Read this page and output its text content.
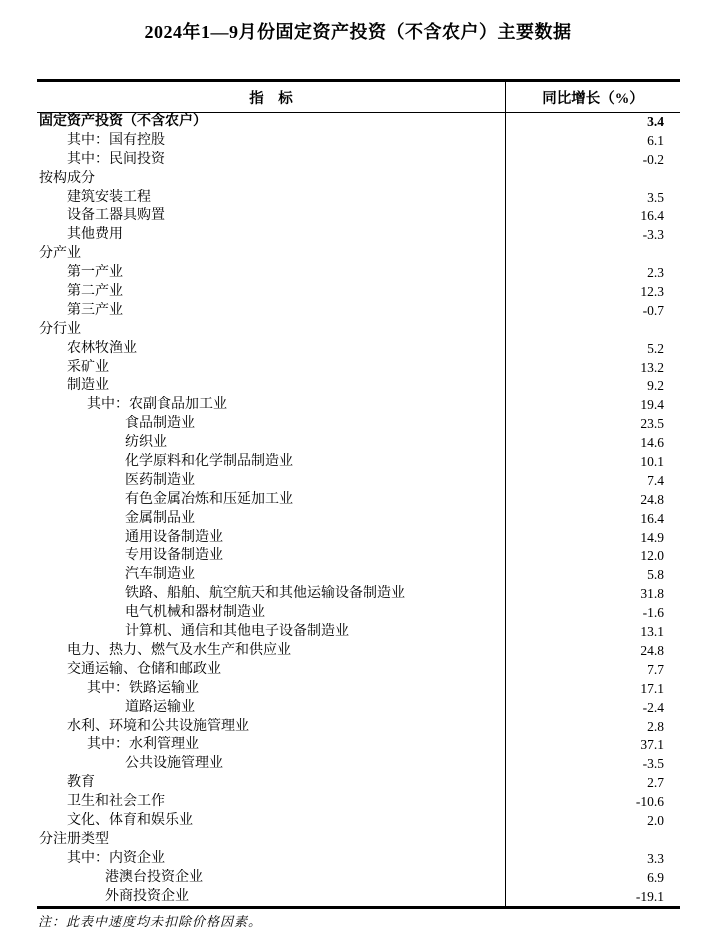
2024年1—9月份固定资产投资（不含农户）主要数据
指　标	同比增长（%）
固定资产投资（不含农户）	3.4
其中：国有控股	6.1
其中：民间投资	-0.2
按构成分
建筑安装工程	3.5
设备工器具购置	16.4
其他费用	-3.3
分产业
第一产业	2.3
第二产业	12.3
第三产业	-0.7
分行业
农林牧渔业	5.2
采矿业	13.2
制造业	9.2
其中：农副食品加工业	19.4
食品制造业	23.5
纺织业	14.6
化学原料和化学制品制造业	10.1
医药制造业	7.4
有色金属冶炼和压延加工业	24.8
金属制品业	16.4
通用设备制造业	14.9
专用设备制造业	12.0
汽车制造业	5.8
铁路、船舶、航空航天和其他运输设备制造业	31.8
电气机械和器材制造业	-1.6
计算机、通信和其他电子设备制造业	13.1
电力、热力、燃气及水生产和供应业	24.8
交通运输、仓储和邮政业	7.7
其中：铁路运输业	17.1
道路运输业	-2.4
水利、环境和公共设施管理业	2.8
其中：水利管理业	37.1
公共设施管理业	-3.5
教育	2.7
卫生和社会工作	-10.6
文化、体育和娱乐业	2.0
分注册类型
其中：内资企业	3.3
港澳台投资企业	6.9
外商投资企业	-19.1
注：此表中速度均未扣除价格因素。
